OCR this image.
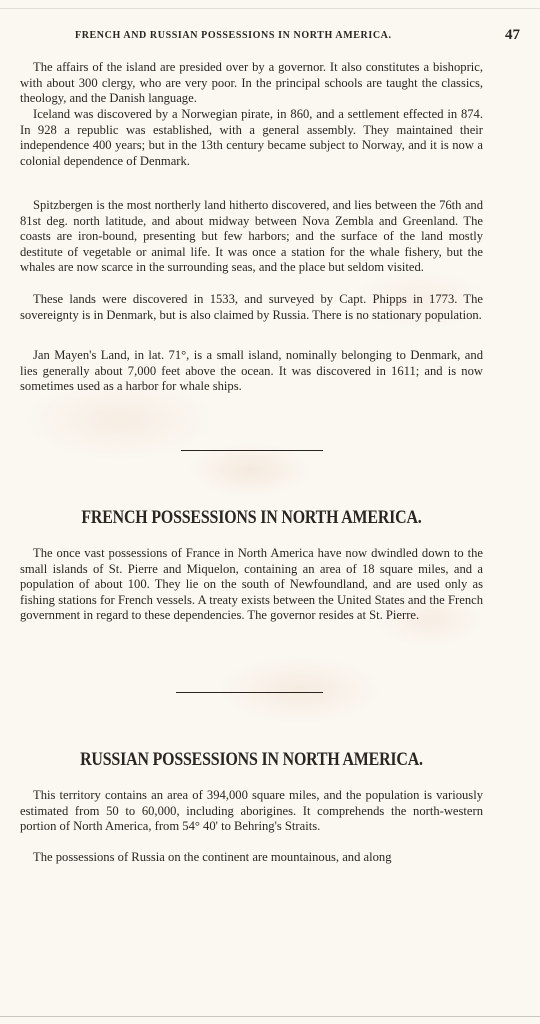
FRENCH AND RUSSIAN POSSESSIONS IN NORTH AMERICA.	47

The affairs of the island are presided over by a governor. It also constitutes a bishopric, with about 300 clergy, who are very poor. In the principal schools are taught the classics, theology, and the Danish language.

Iceland was discovered by a Norwegian pirate, in 860, and a settlement effected in 874. In 928 a republic was established, with a general assembly. They maintained their independence 400 years; but in the 13th century became subject to Norway, and it is now a colonial dependence of Denmark.

Spitzbergen is the most northerly land hitherto discovered, and lies between the 76th and 81st deg. north latitude, and about midway between Nova Zembla and Greenland. The coasts are iron-bound, presenting but few harbors; and the surface of the land mostly destitute of vegetable or animal life. It was once a station for the whale fishery, but the whales are now scarce in the surrounding seas, and the place but seldom visited.

These lands were discovered in 1533, and surveyed by Capt. Phipps in 1773. The sovereignty is in Denmark, but is also claimed by Russia. There is no stationary population.

Jan Mayen's Land, in lat. 71°, is a small island, nominally belonging to Denmark, and lies generally about 7,000 feet above the ocean. It was discovered in 1611; and is now sometimes used as a harbor for whale ships.

FRENCH POSSESSIONS IN NORTH AMERICA.

The once vast possessions of France in North America have now dwindled down to the small islands of St. Pierre and Miquelon, containing an area of 18 square miles, and a population of about 100. They lie on the south of Newfoundland, and are used only as fishing stations for French vessels. A treaty exists between the United States and the French government in regard to these dependencies. The governor resides at St. Pierre.

RUSSIAN POSSESSIONS IN NORTH AMERICA.

This territory contains an area of 394,000 square miles, and the population is variously estimated from 50 to 60,000, including aborigines. It comprehends the north-western portion of North America, from 54° 40' to Behring's Straits.

The possessions of Russia on the continent are mountainous, and along
